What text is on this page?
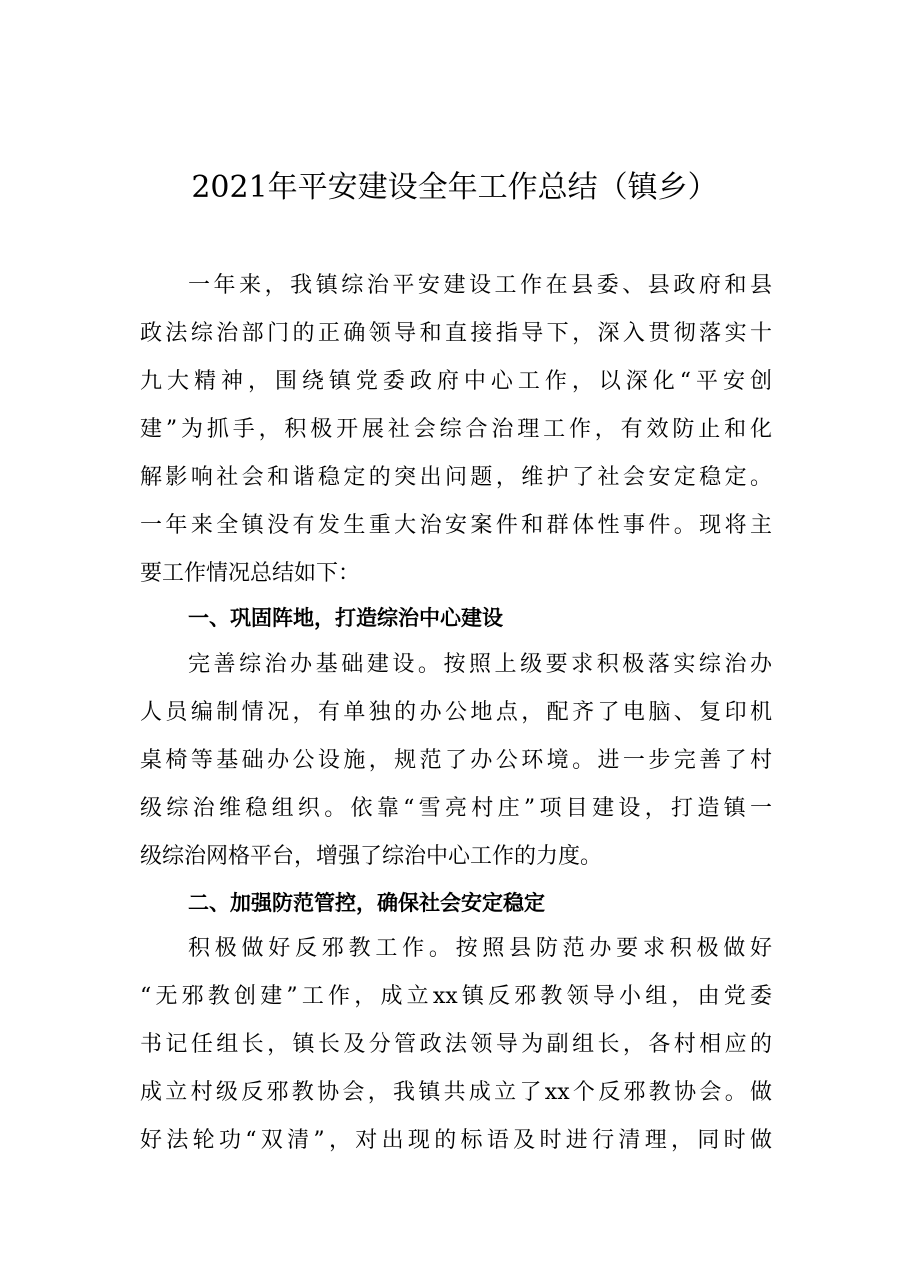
2021年平安建设全年工作总结（镇乡）
一年来，我镇综治平安建设工作在县委、县政府和县
政法综治部门的正确领导和直接指导下，深入贯彻落实十
九大精神，围绕镇党委政府中心工作，以深化“平安创
建”为抓手，积极开展社会综合治理工作，有效防止和化
解影响社会和谐稳定的突出问题，维护了社会安定稳定。
一年来全镇没有发生重大治安案件和群体性事件。现将主
要工作情况总结如下：
一、巩固阵地，打造综治中心建设
完善综治办基础建设。按照上级要求积极落实综治办
人员编制情况，有单独的办公地点，配齐了电脑、复印机
桌椅等基础办公设施，规范了办公环境。进一步完善了村
级综治维稳组织。依靠“雪亮村庄”项目建设，打造镇一
级综治网格平台，增强了综治中心工作的力度。
二、加强防范管控，确保社会安定稳定
积极做好反邪教工作。按照县防范办要求积极做好
“无邪教创建”工作，成立xx镇反邪教领导小组，由党委
书记任组长，镇长及分管政法领导为副组长，各村相应的
成立村级反邪教协会，我镇共成立了xx个反邪教协会。做
好法轮功“双清”，对出现的标语及时进行清理，同时做
